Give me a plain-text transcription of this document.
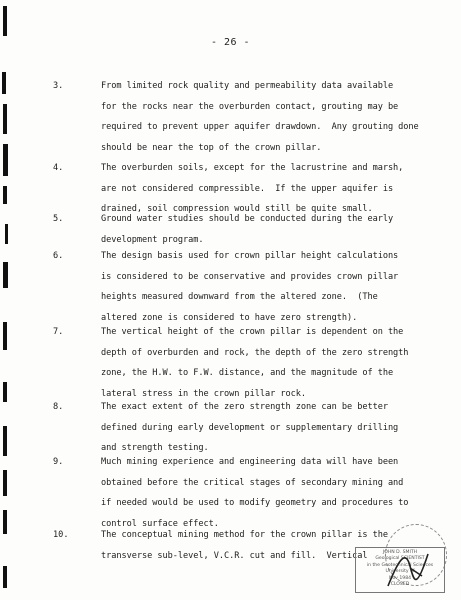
- 26 -
3.	From limited rock quality and permeability data available
for the rocks near the overburden contact, grouting may be
required to prevent upper aquifer drawdown.  Any grouting done
should be near the top of the crown pillar.
4.	The overburden soils, except for the lacrustrine and marsh,
are not considered compressible.  If the upper aquifer is
drained, soil compression would still be quite small.
5.	Ground water studies should be conducted during the early
development program.
6.	The design basis used for crown pillar height calculations
is considered to be conservative and provides crown pillar
heights measured downward from the altered zone.  (The
altered zone is considered to have zero strength).
7.	The vertical height of the crown pillar is dependent on the
depth of overburden and rock, the depth of the zero strength
zone, the H.W. to F.W. distance, and the magnitude of the
lateral stress in the crown pillar rock.
8.	The exact extent of the zero strength zone can be better
defined during early development or supplementary drilling
and strength testing.
9.	Much mining experience and engineering data will have been
obtained before the critical stages of secondary mining and
if needed would be used to modify geometry and procedures to
control surface effect.
10.	The conceptual mining method for the crown pillar is the
transverse sub-level, V.C.R. cut and fill.  Vertical	JOHN D. SMITH
Geological SCIENTIST
in the Geotechnical Sciences
University of
Nov 1984
CLOSED
